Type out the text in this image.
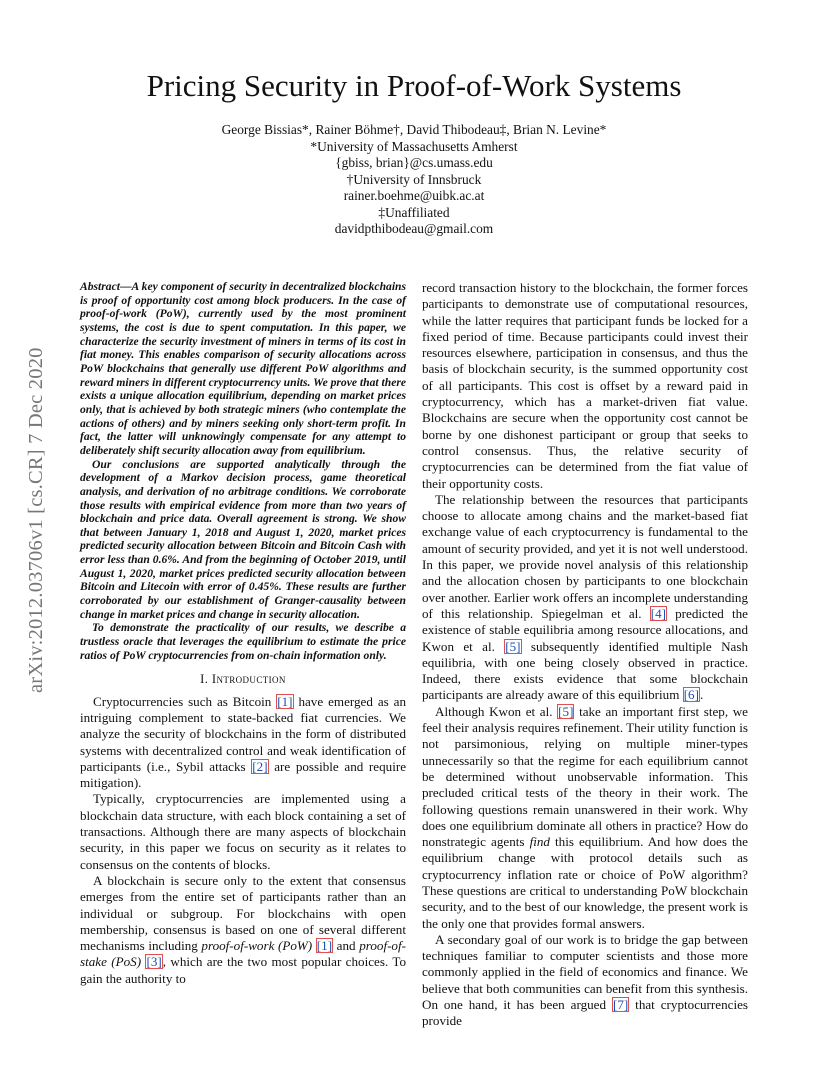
Pricing Security in Proof-of-Work Systems
George Bissias*, Rainer Böhme†, David Thibodeau‡, Brian N. Levine*
*University of Massachusetts Amherst
{gbiss, brian}@cs.umass.edu
†University of Innsbruck
rainer.boehme@uibk.ac.at
‡Unaffiliated
davidpthibodeau@gmail.com
arXiv:2012.03706v1 [cs.CR] 7 Dec 2020

Abstract—A key component of security in decentralized blockchains is proof of opportunity cost among block producers. In the case of proof-of-work (PoW), currently used by the most prominent systems, the cost is due to spent computation. In this paper, we characterize the security investment of miners in terms of its cost in fiat money. This enables comparison of security allocations across PoW blockchains that generally use different PoW algorithms and reward miners in different cryptocurrency units. We prove that there exists a unique allocation equilibrium, depending on market prices only, that is achieved by both strategic miners (who contemplate the actions of others) and by miners seeking only short-term profit. In fact, the latter will unknowingly compensate for any attempt to deliberately shift security allocation away from equilibrium.

Our conclusions are supported analytically through the development of a Markov decision process, game theoretical analysis, and derivation of no arbitrage conditions. We corroborate those results with empirical evidence from more than two years of blockchain and price data. Overall agreement is strong. We show that between January 1, 2018 and August 1, 2020, market prices predicted security allocation between Bitcoin and Bitcoin Cash with error less than 0.6%. And from the beginning of October 2019, until August 1, 2020, market prices predicted security allocation between Bitcoin and Litecoin with error of 0.45%. These results are further corroborated by our establishment of Granger-causality between change in market prices and change in security allocation.

To demonstrate the practicality of our results, we describe a trustless oracle that leverages the equilibrium to estimate the price ratios of PoW cryptocurrencies from on-chain information only.

I. Introduction

Cryptocurrencies such as Bitcoin [1] have emerged as an intriguing complement to state-backed fiat currencies. We analyze the security of blockchains in the form of distributed systems with decentralized control and weak identification of participants (i.e., Sybil attacks [2] are possible and require mitigation).

Typically, cryptocurrencies are implemented using a blockchain data structure, with each block containing a set of transactions. Although there are many aspects of blockchain security, in this paper we focus on security as it relates to consensus on the contents of blocks.

A blockchain is secure only to the extent that consensus emerges from the entire set of participants rather than an individual or subgroup. For blockchains with open membership, consensus is based on one of several different mechanisms including proof-of-work (PoW) [1] and proof-of-stake (PoS) [3], which are the two most popular choices. To gain the authority to

record transaction history to the blockchain, the former forces participants to demonstrate use of computational resources, while the latter requires that participant funds be locked for a fixed period of time. Because participants could invest their resources elsewhere, participation in consensus, and thus the basis of blockchain security, is the summed opportunity cost of all participants. This cost is offset by a reward paid in cryptocurrency, which has a market-driven fiat value. Blockchains are secure when the opportunity cost cannot be borne by one dishonest participant or group that seeks to control consensus. Thus, the relative security of cryptocurrencies can be determined from the fiat value of their opportunity costs.

The relationship between the resources that participants choose to allocate among chains and the market-based fiat exchange value of each cryptocurrency is fundamental to the amount of security provided, and yet it is not well understood. In this paper, we provide novel analysis of this relationship and the allocation chosen by participants to one blockchain over another. Earlier work offers an incomplete understanding of this relationship. Spiegelman et al. [4] predicted the existence of stable equilibria among resource allocations, and Kwon et al. [5] subsequently identified multiple Nash equilibria, with one being closely observed in practice. Indeed, there exists evidence that some blockchain participants are already aware of this equilibrium [6].

Although Kwon et al. [5] take an important first step, we feel their analysis requires refinement. Their utility function is not parsimonious, relying on multiple miner-types unnecessarily so that the regime for each equilibrium cannot be determined without unobservable information. This precluded critical tests of the theory in their work. The following questions remain unanswered in their work. Why does one equilibrium dominate all others in practice? How do nonstrategic agents find this equilibrium. And how does the equilibrium change with protocol details such as cryptocurrency inflation rate or choice of PoW algorithm? These questions are critical to understanding PoW blockchain security, and to the best of our knowledge, the present work is the only one that provides formal answers.

A secondary goal of our work is to bridge the gap between techniques familiar to computer scientists and those more commonly applied in the field of economics and finance. We believe that both communities can benefit from this synthesis. On one hand, it has been argued [7] that cryptocurrencies provide
